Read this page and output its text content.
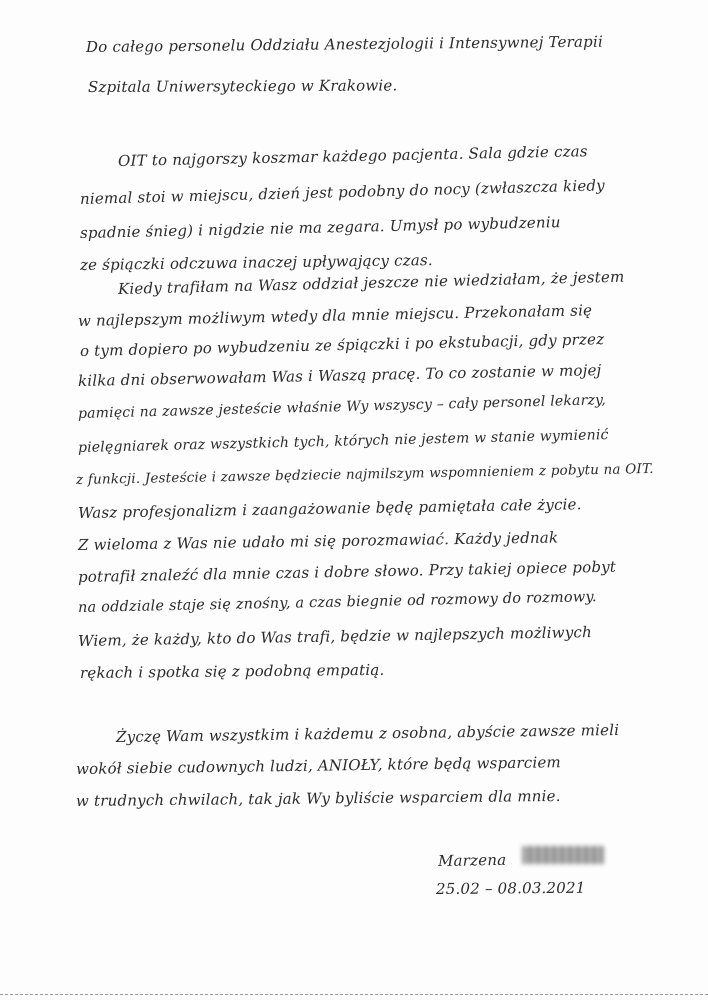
Do całego personelu Oddziału Anestezjologii i Intensywnej Terapii
Szpitala Uniwersyteckiego w Krakowie.
OIT to najgorszy koszmar każdego pacjenta. Sala gdzie czas
niemal stoi w miejscu, dzień jest podobny do nocy (zwłaszcza kiedy
spadnie śnieg) i nigdzie nie ma zegara. Umysł po wybudzeniu
ze śpiączki odczuwa inaczej upływający czas.
Kiedy trafiłam na Wasz oddział jeszcze nie wiedziałam, że jestem
w najlepszym możliwym wtedy dla mnie miejscu. Przekonałam się
o tym dopiero po wybudzeniu ze śpiączki i po ekstubacji, gdy przez
kilka dni obserwowałam Was i Waszą pracę. To co zostanie w mojej
pamięci na zawsze jesteście właśnie Wy wszyscy – cały personel lekarzy,
pielęgniarek oraz wszystkich tych, których nie jestem w stanie wymienić
z funkcji. Jesteście i zawsze będziecie najmilszym wspomnieniem z pobytu na OIT.
Wasz profesjonalizm i zaangażowanie będę pamiętała całe życie.
Z wieloma z Was nie udało mi się porozmawiać. Każdy jednak
potrafił znaleźć dla mnie czas i dobre słowo. Przy takiej opiece pobyt
na oddziale staje się znośny, a czas biegnie od rozmowy do rozmowy.
Wiem, że każdy, kto do Was trafi, będzie w najlepszych możliwych
rękach i spotka się z podobną empatią.
Życzę Wam wszystkim i każdemu z osobna, abyście zawsze mieli
wokół siebie cudownych ludzi, ANIOŁY, które będą wsparciem
w trudnych chwilach, tak jak Wy byliście wsparciem dla mnie.
Marzena
25.02 – 08.03.2021
